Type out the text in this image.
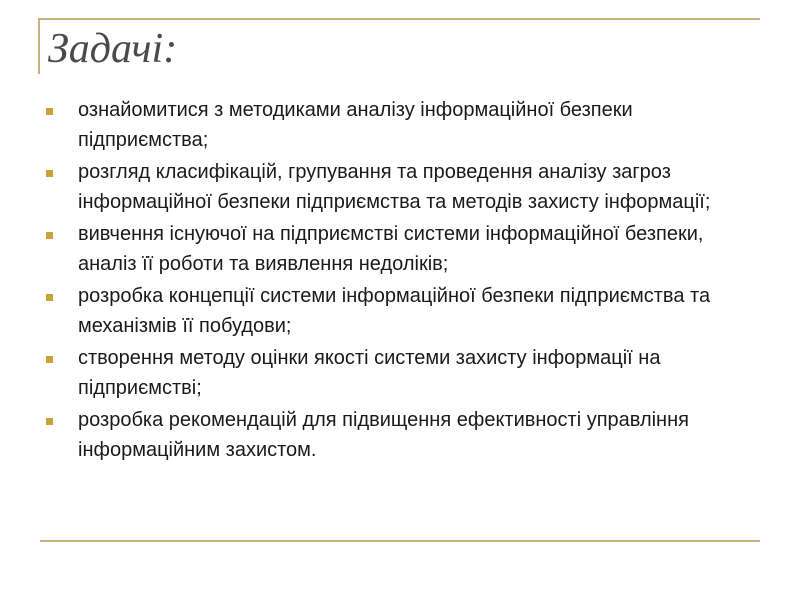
Задачі:
ознайомитися з методиками аналізу інформаційної безпеки підприємства;
розгляд класифікацій, групування та проведення аналізу загроз інформаційної безпеки підприємства та методів захисту інформації;
вивчення існуючої на підприємстві системи інформаційної безпеки, аналіз її роботи та виявлення недоліків;
розробка концепції системи інформаційної безпеки підприємства та механізмів її побудови;
створення методу оцінки якості системи захисту інформації на підприємстві;
розробка рекомендацій для підвищення ефективності управління інформаційним захистом.
